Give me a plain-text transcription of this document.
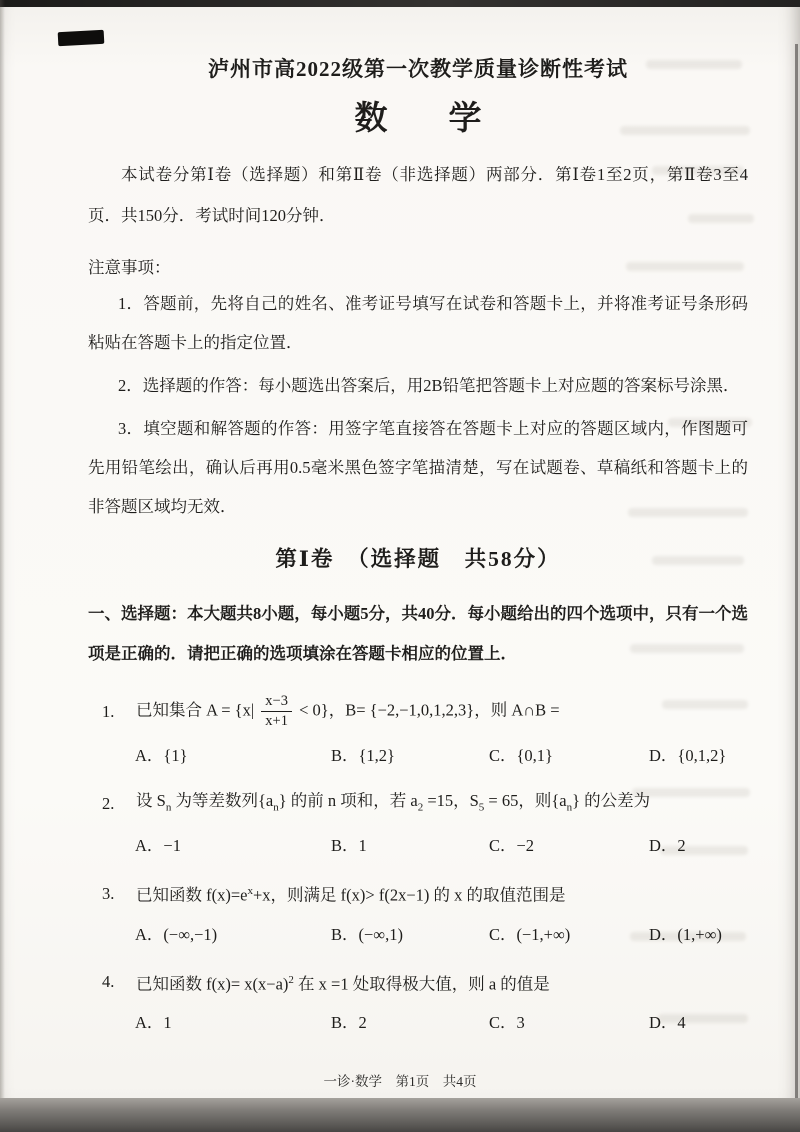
泸州市高2022级第一次教学质量诊断性考试
数　学

本试卷分第Ⅰ卷（选择题）和第Ⅱ卷（非选择题）两部分．第Ⅰ卷1至2页，第Ⅱ卷3至4页．共150分．考试时间120分钟．

注意事项：

1．答题前，先将自己的姓名、准考证号填写在试卷和答题卡上，并将准考证号条形码粘贴在答题卡上的指定位置．

2．选择题的作答：每小题选出答案后，用2B铅笔把答题卡上对应题的答案标号涂黑．

3．填空题和解答题的作答：用签字笔直接答在答题卡上对应的答题区域内，作图题可先用铅笔绘出，确认后再用0.5毫米黑色签字笔描清楚，写在试题卷、草稿纸和答题卡上的非答题区域均无效．

第Ⅰ卷　（选择题　共58分）

一、选择题：本大题共8小题，每小题5分，共40分．每小题给出的四个选项中，只有一个选项是正确的．请把正确的选项填涂在答题卡相应的位置上．

1.	已知集合 $A = \{x| \frac{x-3}{x+1} < 0\}$，B= {−2,−1,0,1,2,3}，则 A∩B =
A．{1}	B．{1,2}	C．{0,1}	D．{0,1,2}
2.	设 $S_n$ 为等差数列$\{a_n\}$ 的前 n 项和，若 $a_2 =15$，$S_5 = 65$，则$\{a_n\}$ 的公差为
A．−1	B．1	C．−2	D．2
3.	已知函数 $f(x)=e^x+x$，则满足 f(x)> f(2x−1) 的 x 的取值范围是
A．(−∞,−1)	B．(−∞,1)	C．(−1,+∞)	D．(1,+∞)
4.	已知函数 $f(x)= x(x-a)^2$ 在 x =1 处取得极大值，则 a 的值是
A．1	B．2	C．3	D．4
一诊·数学　第1页　共4页
